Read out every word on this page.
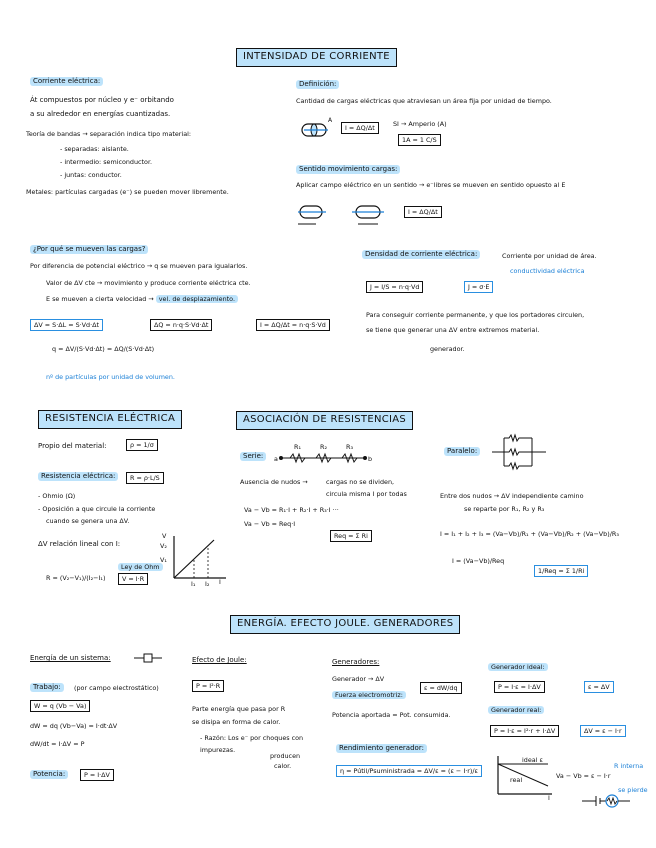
INTENSIDAD DE CORRIENTE
Corriente eléctrica:
Át compuestos por núcleo y e⁻ orbitando
a su alrededor en energías cuantizadas.
Teoría de bandas → separación indica tipo material:
- separadas: aislante.
- intermedio: semiconductor.
- juntas: conductor.
Metales: partículas cargadas (e⁻) se pueden mover libremente.
Definición:
Cantidad de cargas eléctricas que atraviesan un área fija por unidad de tiempo.
A
I = ΔQ/Δt	SI → Amperio (A)
1A = 1 C/S
Sentido movimiento cargas:
Aplicar campo eléctrico en un sentido → e⁻libres se mueven en sentido opuesto al E
I = ΔQ/Δt
¿Por qué se mueven las cargas?
Por diferencia de potencial eléctrico → q se mueven para igualarlos.
Valor de ΔV cte → movimiento y produce corriente eléctrica cte.
E se mueven a cierta velocidad → vel. de desplazamiento.
ΔV = S·ΔL = S·Vd·Δt	ΔQ = n·q·S·Vd·Δt	I = ΔQ/Δt = n·q·S·Vd
q = ΔV/(S·Vd·Δt) = ΔQ/(S·Vd·Δt)
nº de partículas por unidad de volumen.
Densidad de corriente eléctrica:	Corriente por unidad de área.
conductividad eléctrica
J = I/S = n·q·Vd	J = σ·E
Para conseguir corriente permanente, y que los portadores circulen,
se tiene que generar una ΔV entre extremos material.
generador.
RESISTENCIA ELÉCTRICA
Propio del material:	ρ = 1/σ
Resistencia eléctrica:	R = ρ·L/S
- Ohmio (Ω)
- Oposición a que circule la corriente
cuando se genera una ΔV.
ΔV relación lineal con I:
Ley de Ohm
R = (V₂−V₁)/(I₂−I₁)	V = I·R
V
V₂
V₁
I₁ I₂ I
ASOCIACIÓN DE RESISTENCIAS
Serie:	a	b
R₁	R₂	R₃
Ausencia de nudos →	cargas no se dividen,
circula misma I por todas
Va − Vb = R₁·I + R₂·I + R₃·I ···
Va − Vb = Req·I
Req = Σ Ri
Paralelo:
Entre dos nudos → ΔV independiente camino
se reparte por R₁, R₂ y R₃
I = I₁ + I₂ + I₃ = (Va−Vb)/R₁ + (Va−Vb)/R₂ + (Va−Vb)/R₃
I = (Va−Vb)/Req
1/Req = Σ 1/Ri
ENERGÍA. EFECTO JOULE. GENERADORES
Energía de un sistema:
Trabajo:	(por campo electrostático)
W = q (Vb − Va)
dW = dq (Vb−Va) = I·dt·ΔV
dW/dt = I·ΔV = P
Potencia:	P = I·ΔV
Efecto de Joule:
P = I²·R
Parte energía que pasa por R
se disipa en forma de calor.
- Razón: Los e⁻ por choques con
impurezas.
producen
calor.
Generadores:
Generador → ΔV
Fuerza electromotriz:
ε = dW/dq
Potencia aportada = Pot. consumida.
Rendimiento generador:
η = Pútil/Psuministrada = ΔV/ε = (ε − I·r)/ε
Generador ideal:
P = I·ε = I·ΔV	ε = ΔV
Generador real:
P = I·ε = I²·r + I·ΔV	ΔV = ε − I·r
ideal ε
real	Va − Vb = ε − I·r
R interna
se pierde
I
